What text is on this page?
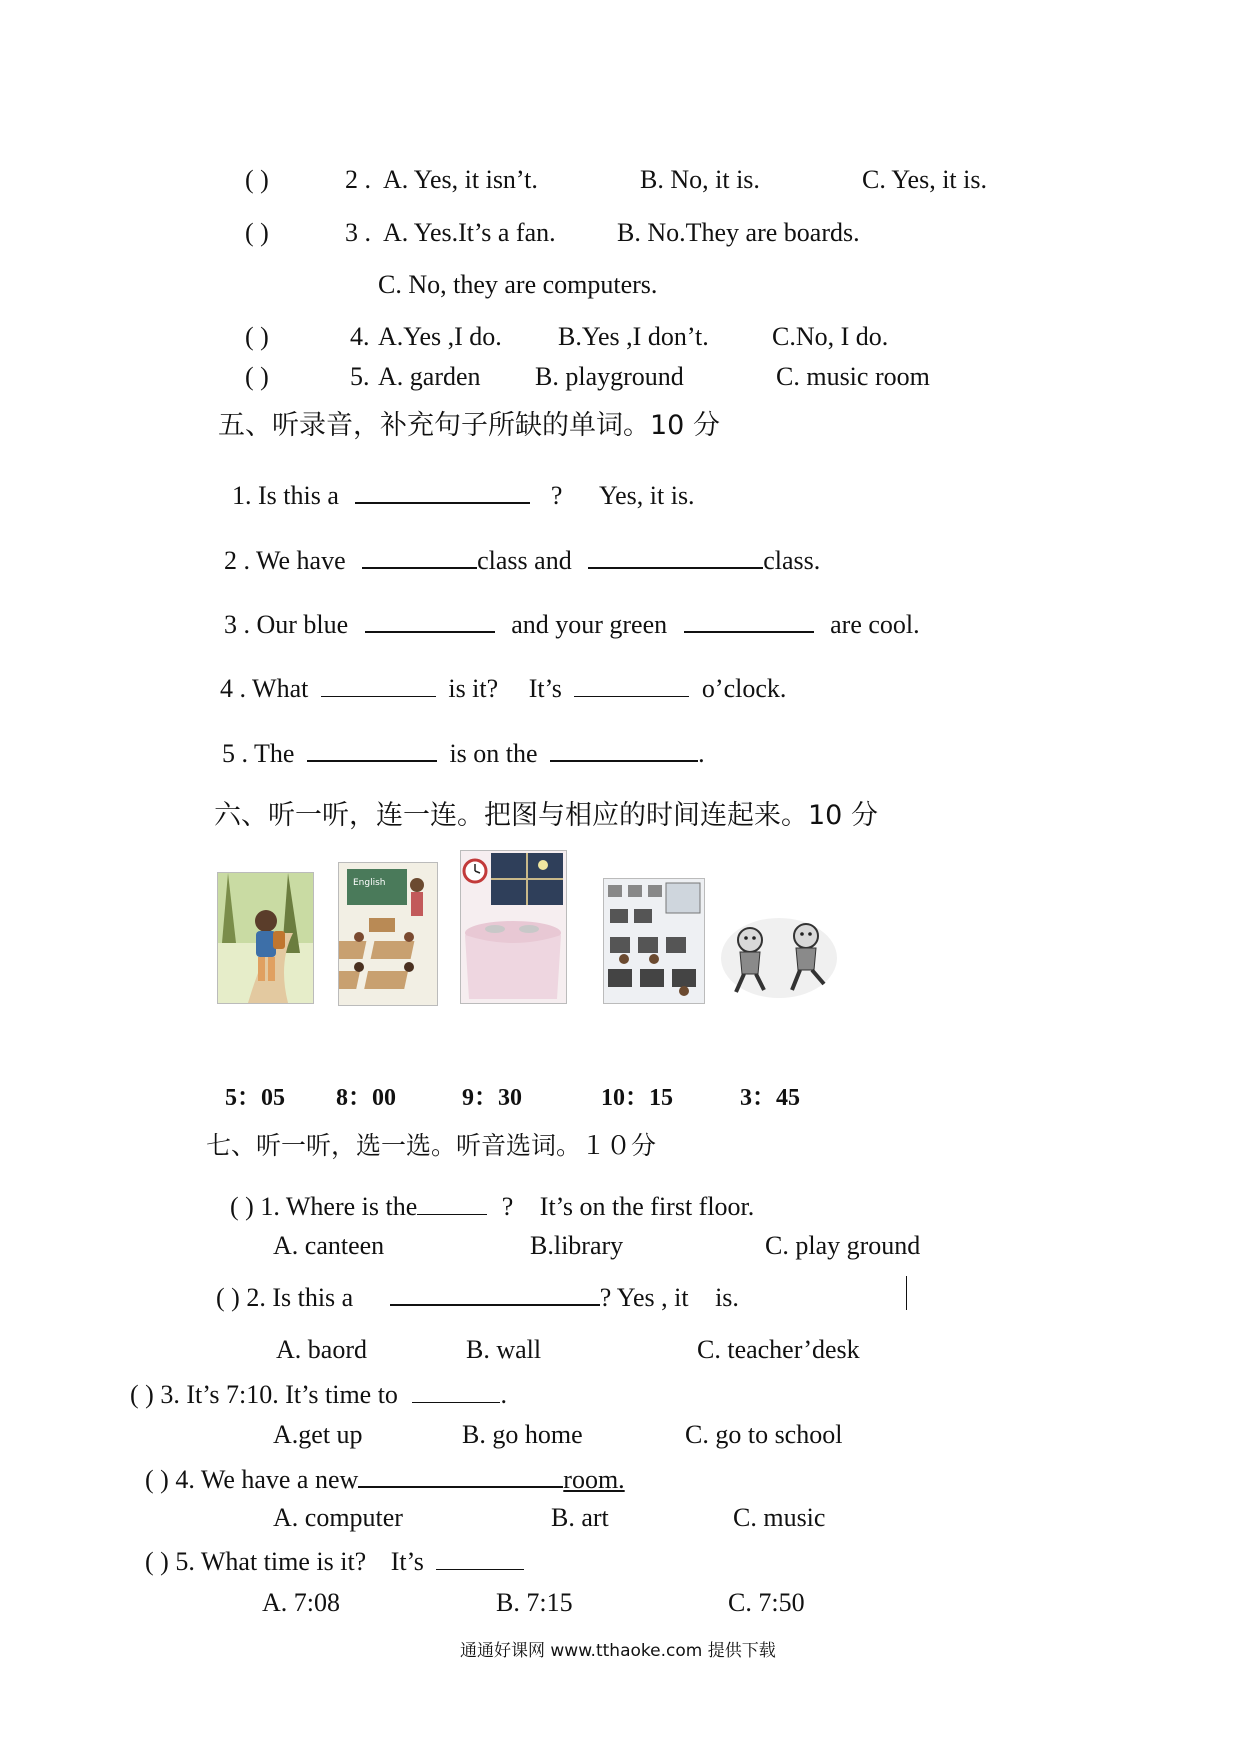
( )	2 . A. Yes, it isn’t.	B. No, it is.	C. Yes, it is.
( )	3 . A. Yes.It’s a fan. B. No.They are boards.
C. No, they are computers.
( )	4. A.Yes ,I do. B.Yes ,I don’t. C.No, I do.
( )	5. A. garden B. playground	C. music room
五、听录音，补充句子所缺的单词。10 分
1. Is this a	? Yes, it is.
2 . We have	class and	class.
3 . Our blue	and your green	are cool.
4 . What	is it? It’s	o’clock.
5 . The	is on the	.
六、听一听，连一连。把图与相应的时间连起来。10 分
English
5：05 8：00	9：30	10：15	3：45
七、听一听，选一选。听音选词。１０分
( ) 1. Where is the	? It’s on the first floor.
A. canteen	B.library	C. play ground
( ) 2. Is this a	? Yes , it is.
A. baord	B. wall	C. teacher’desk
( ) 3. It’s 7:10. It’s time to	.
A.get up	B. go home	C. go to school
( ) 4. We have a new	room.
A. computer	B. art	C. music
( ) 5. What time is it? It’s
A. 7:08	B. 7:15	C. 7:50
通通好课网 www.tthaoke.com 提供下载
